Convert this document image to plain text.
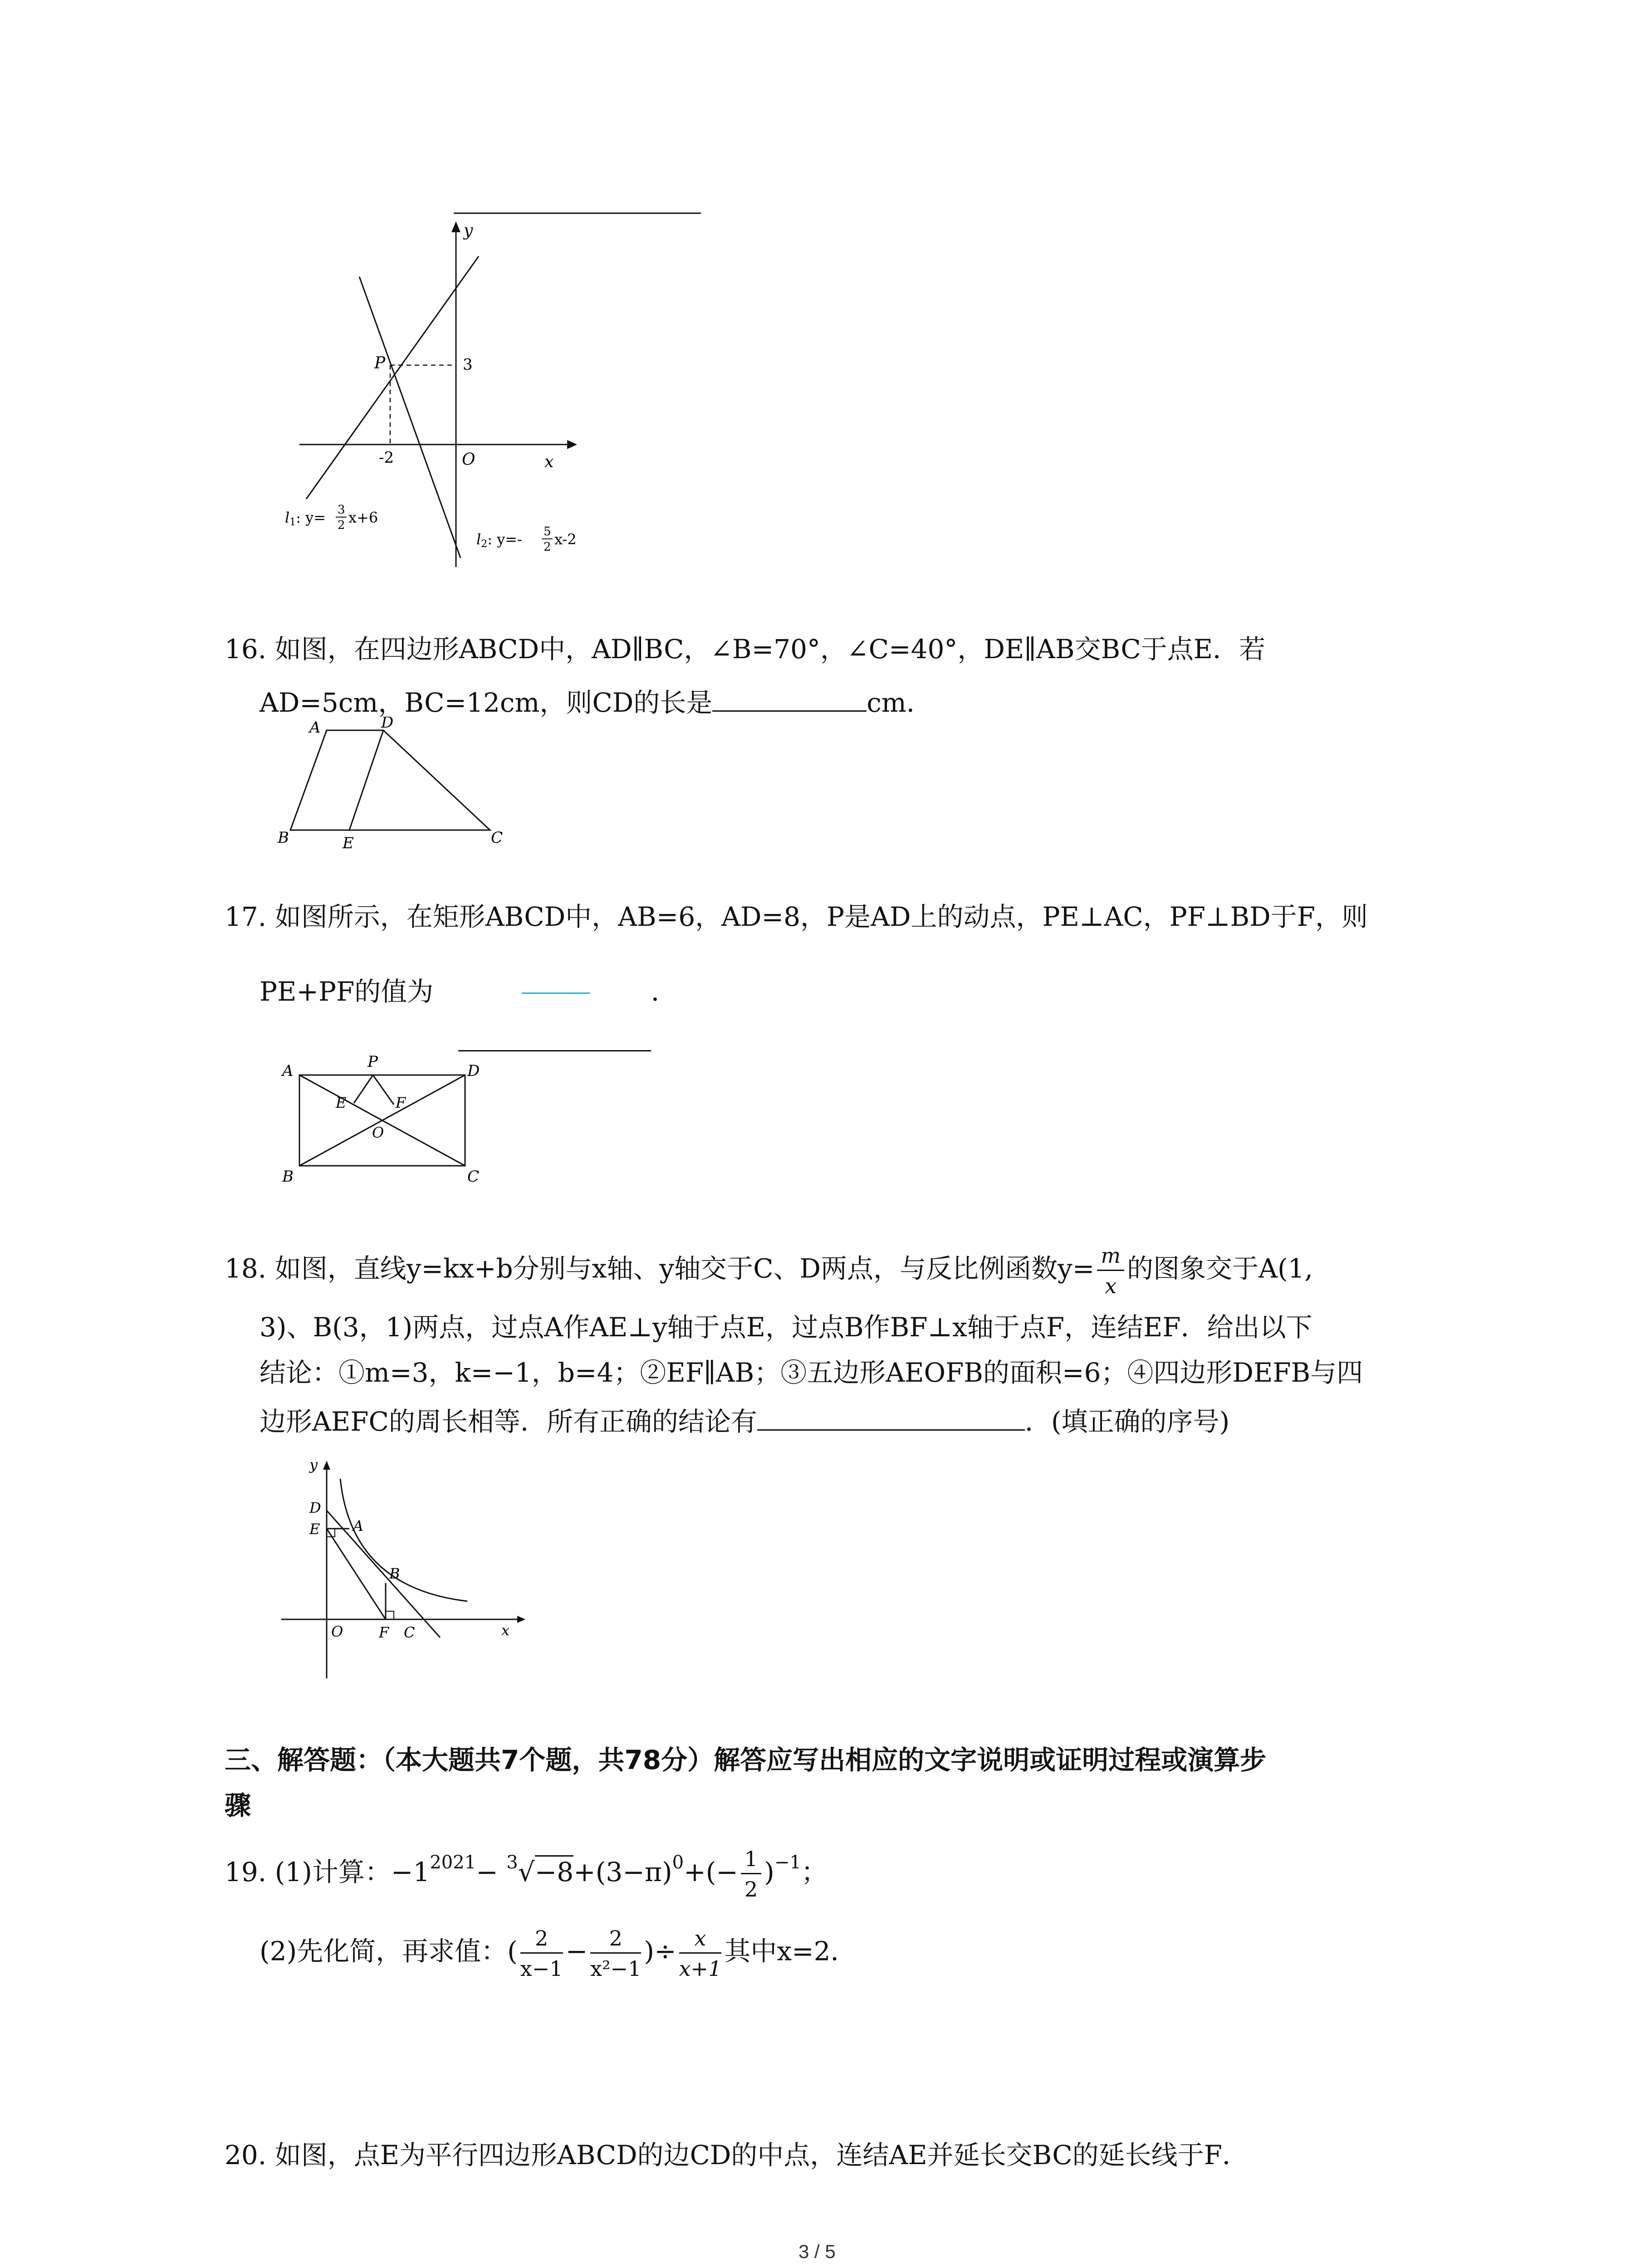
y
x
O
P	3
-2
l1: y= 3
2 x+6
l2: y=- 5
2 x-2
16. 如图，在四边形ABCD中，AD∥BC，∠B=70°，∠C=40°，DE∥AB交BC于点E．若
AD=5cm，BC=12cm，则CD的长是	cm．
A	D
B	E	C
17. 如图所示，在矩形ABCD中，AB=6，AD=8，P是AD上的动点，PE⊥AC，PF⊥BD于F，则
PE+PF的值为	．
A	P	D
E	F
O
B	C
18. 如图，直线y=kx+b分别与x轴、y轴交于C、D两点，与反比例函数$y= \frac{m}{x}$ 的图象交于A(1,
3)、B(3，1)两点，过点A作AE⊥y轴于点E，过点B作BF⊥x轴于点F，连结EF．给出以下
结论：①m=3，k=−1，b=4；②EF∥AB；③五边形AEOFB的面积=6；④四边形DEFB与四
边形AEFC的周长相等．所有正确的结论有	．(填正确的序号)
y
D
E A
B
O F C	x
三、解答题：（本大题共7个题，共78分）解答应写出相应的文字说明或证明过程或演算步
骤
19. (1)计算：$-1^{2021}- ^3√-8+(3-\pi)^0+(- \frac{1}{2} )^{-1}$；
(2)先化简，再求值：( $\frac{2}{x-1} - \frac{2}{\text{x²−1}}$ )÷ $\frac{x}{x+1}$ 其中x=2．
20. 如图，点E为平行四边形ABCD的边CD的中点，连结AE并延长交BC的延长线于F．
3 / 5
